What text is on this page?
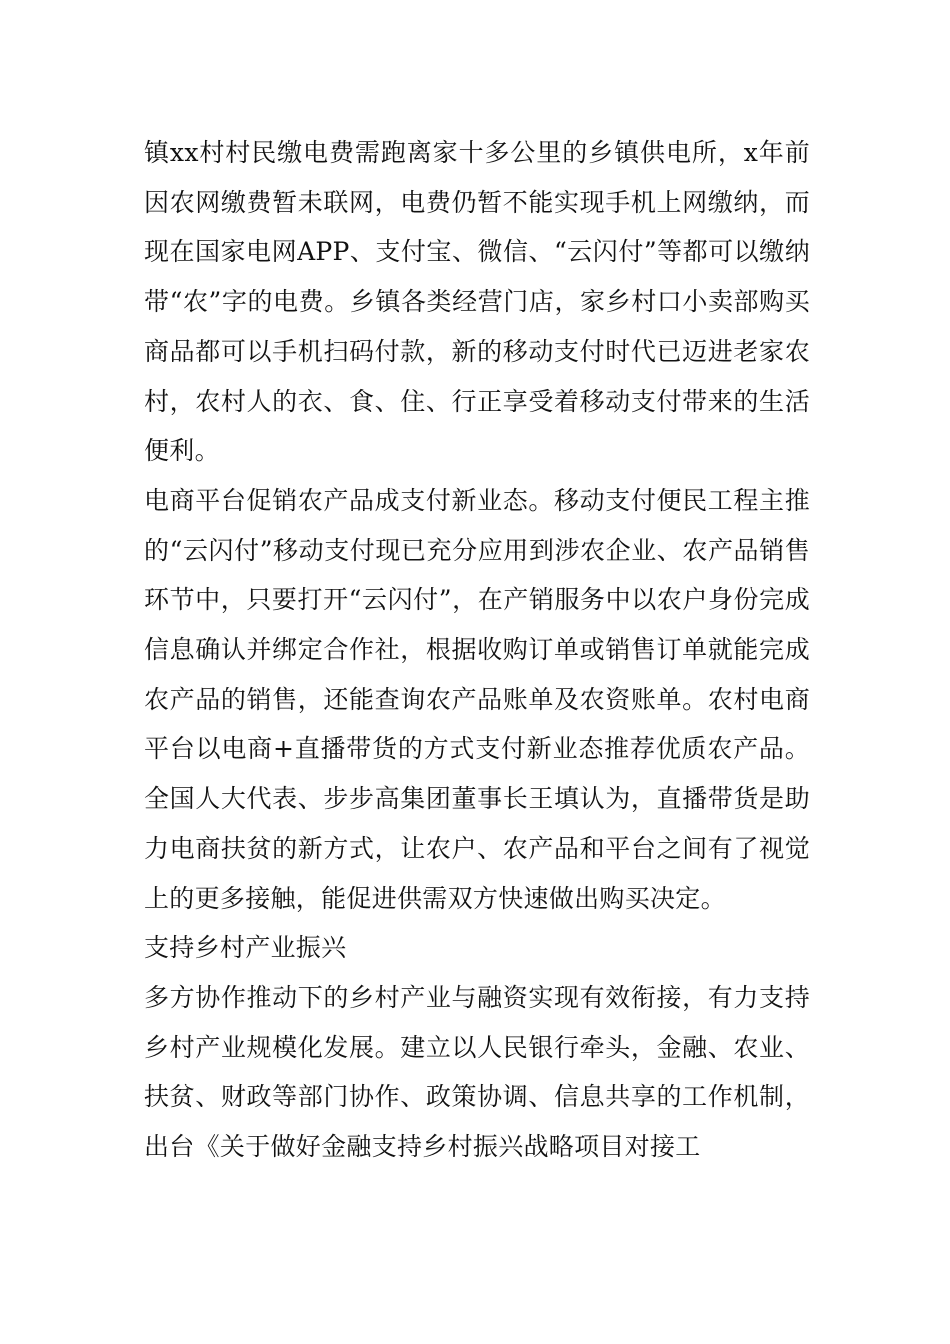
镇xx村村民缴电费需跑离家十多公里的乡镇供电所，x年前因农网缴费暂未联网，电费仍暂不能实现手机上网缴纳，而现在国家电网APP、支付宝、微信、“云闪付”等都可以缴纳带“农”字的电费。乡镇各类经营门店，家乡村口小卖部购买商品都可以手机扫码付款，新的移动支付时代已迈进老家农村，农村人的衣、食、住、行正享受着移动支付带来的生活便利。

电商平台促销农产品成支付新业态。移动支付便民工程主推的“云闪付”移动支付现已充分应用到涉农企业、农产品销售环节中，只要打开“云闪付”，在产销服务中以农户身份完成信息确认并绑定合作社，根据收购订单或销售订单就能完成农产品的销售，还能查询农产品账单及农资账单。农村电商平台以电商+直播带货的方式支付新业态推荐优质农产品。全国人大代表、步步高集团董事长王填认为，直播带货是助力电商扶贫的新方式，让农户、农产品和平台之间有了视觉上的更多接触，能促进供需双方快速做出购买决定。

支持乡村产业振兴

多方协作推动下的乡村产业与融资实现有效衔接，有力支持乡村产业规模化发展。建立以人民银行牵头，金融、农业、扶贫、财政等部门协作、政策协调、信息共享的工作机制，出台《关于做好金融支持乡村振兴战略项目对接工
